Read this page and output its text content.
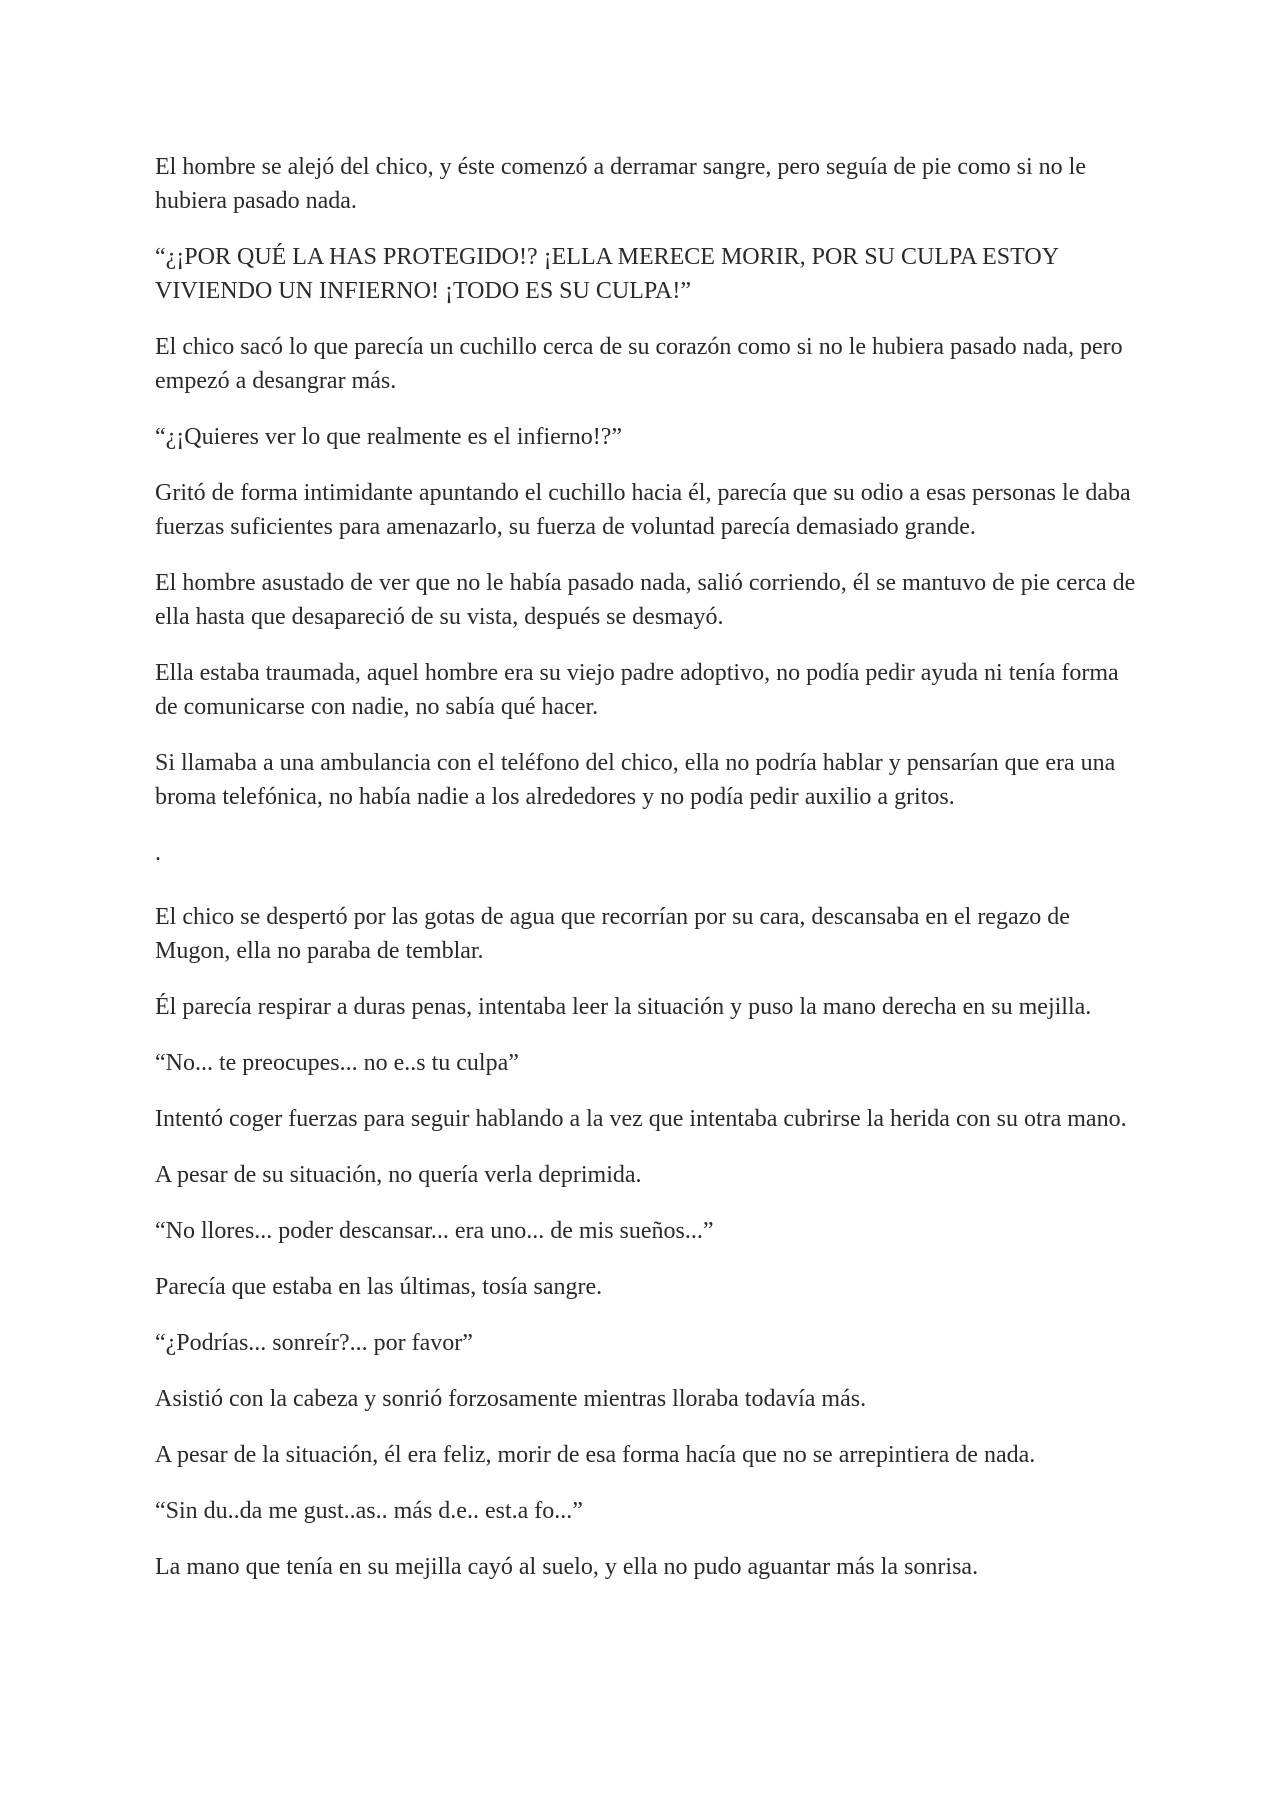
El hombre se alejó del chico, y éste comenzó a derramar sangre, pero seguía de pie como si no le hubiera pasado nada.

“¿¡POR QUÉ LA HAS PROTEGIDO!? ¡ELLA MERECE MORIR, POR SU CULPA ESTOY VIVIENDO UN INFIERNO! ¡TODO ES SU CULPA!”

El chico sacó lo que parecía un cuchillo cerca de su corazón como si no le hubiera pasado nada, pero empezó a desangrar más.

“¿¡Quieres ver lo que realmente es el infierno!?”

Gritó de forma intimidante apuntando el cuchillo hacia él, parecía que su odio a esas personas le daba fuerzas suficientes para amenazarlo, su fuerza de voluntad parecía demasiado grande.

El hombre asustado de ver que no le había pasado nada, salió corriendo, él se mantuvo de pie cerca de ella hasta que desapareció de su vista, después se desmayó.

Ella estaba traumada, aquel hombre era su viejo padre adoptivo, no podía pedir ayuda ni tenía forma de comunicarse con nadie, no sabía qué hacer.

Si llamaba a una ambulancia con el teléfono del chico, ella no podría hablar y pensarían que era una broma telefónica, no había nadie a los alrededores y no podía pedir auxilio a gritos.

.

El chico se despertó por las gotas de agua que recorrían por su cara, descansaba en el regazo de Mugon, ella no paraba de temblar.

Él parecía respirar a duras penas, intentaba leer la situación y puso la mano derecha en su mejilla.

“No... te preocupes... no e..s tu culpa”

Intentó coger fuerzas para seguir hablando a la vez que intentaba cubrirse la herida con su otra mano.

A pesar de su situación, no quería verla deprimida.

“No llores... poder descansar... era uno... de mis sueños...”

Parecía que estaba en las últimas, tosía sangre.

“¿Podrías... sonreír?... por favor”

Asistió con la cabeza y sonrió forzosamente mientras lloraba todavía más.

A pesar de la situación, él era feliz, morir de esa forma hacía que no se arrepintiera de nada.

“Sin du..da me gust..as.. más d.e.. est.a fo...”

La mano que tenía en su mejilla cayó al suelo, y ella no pudo aguantar más la sonrisa.
